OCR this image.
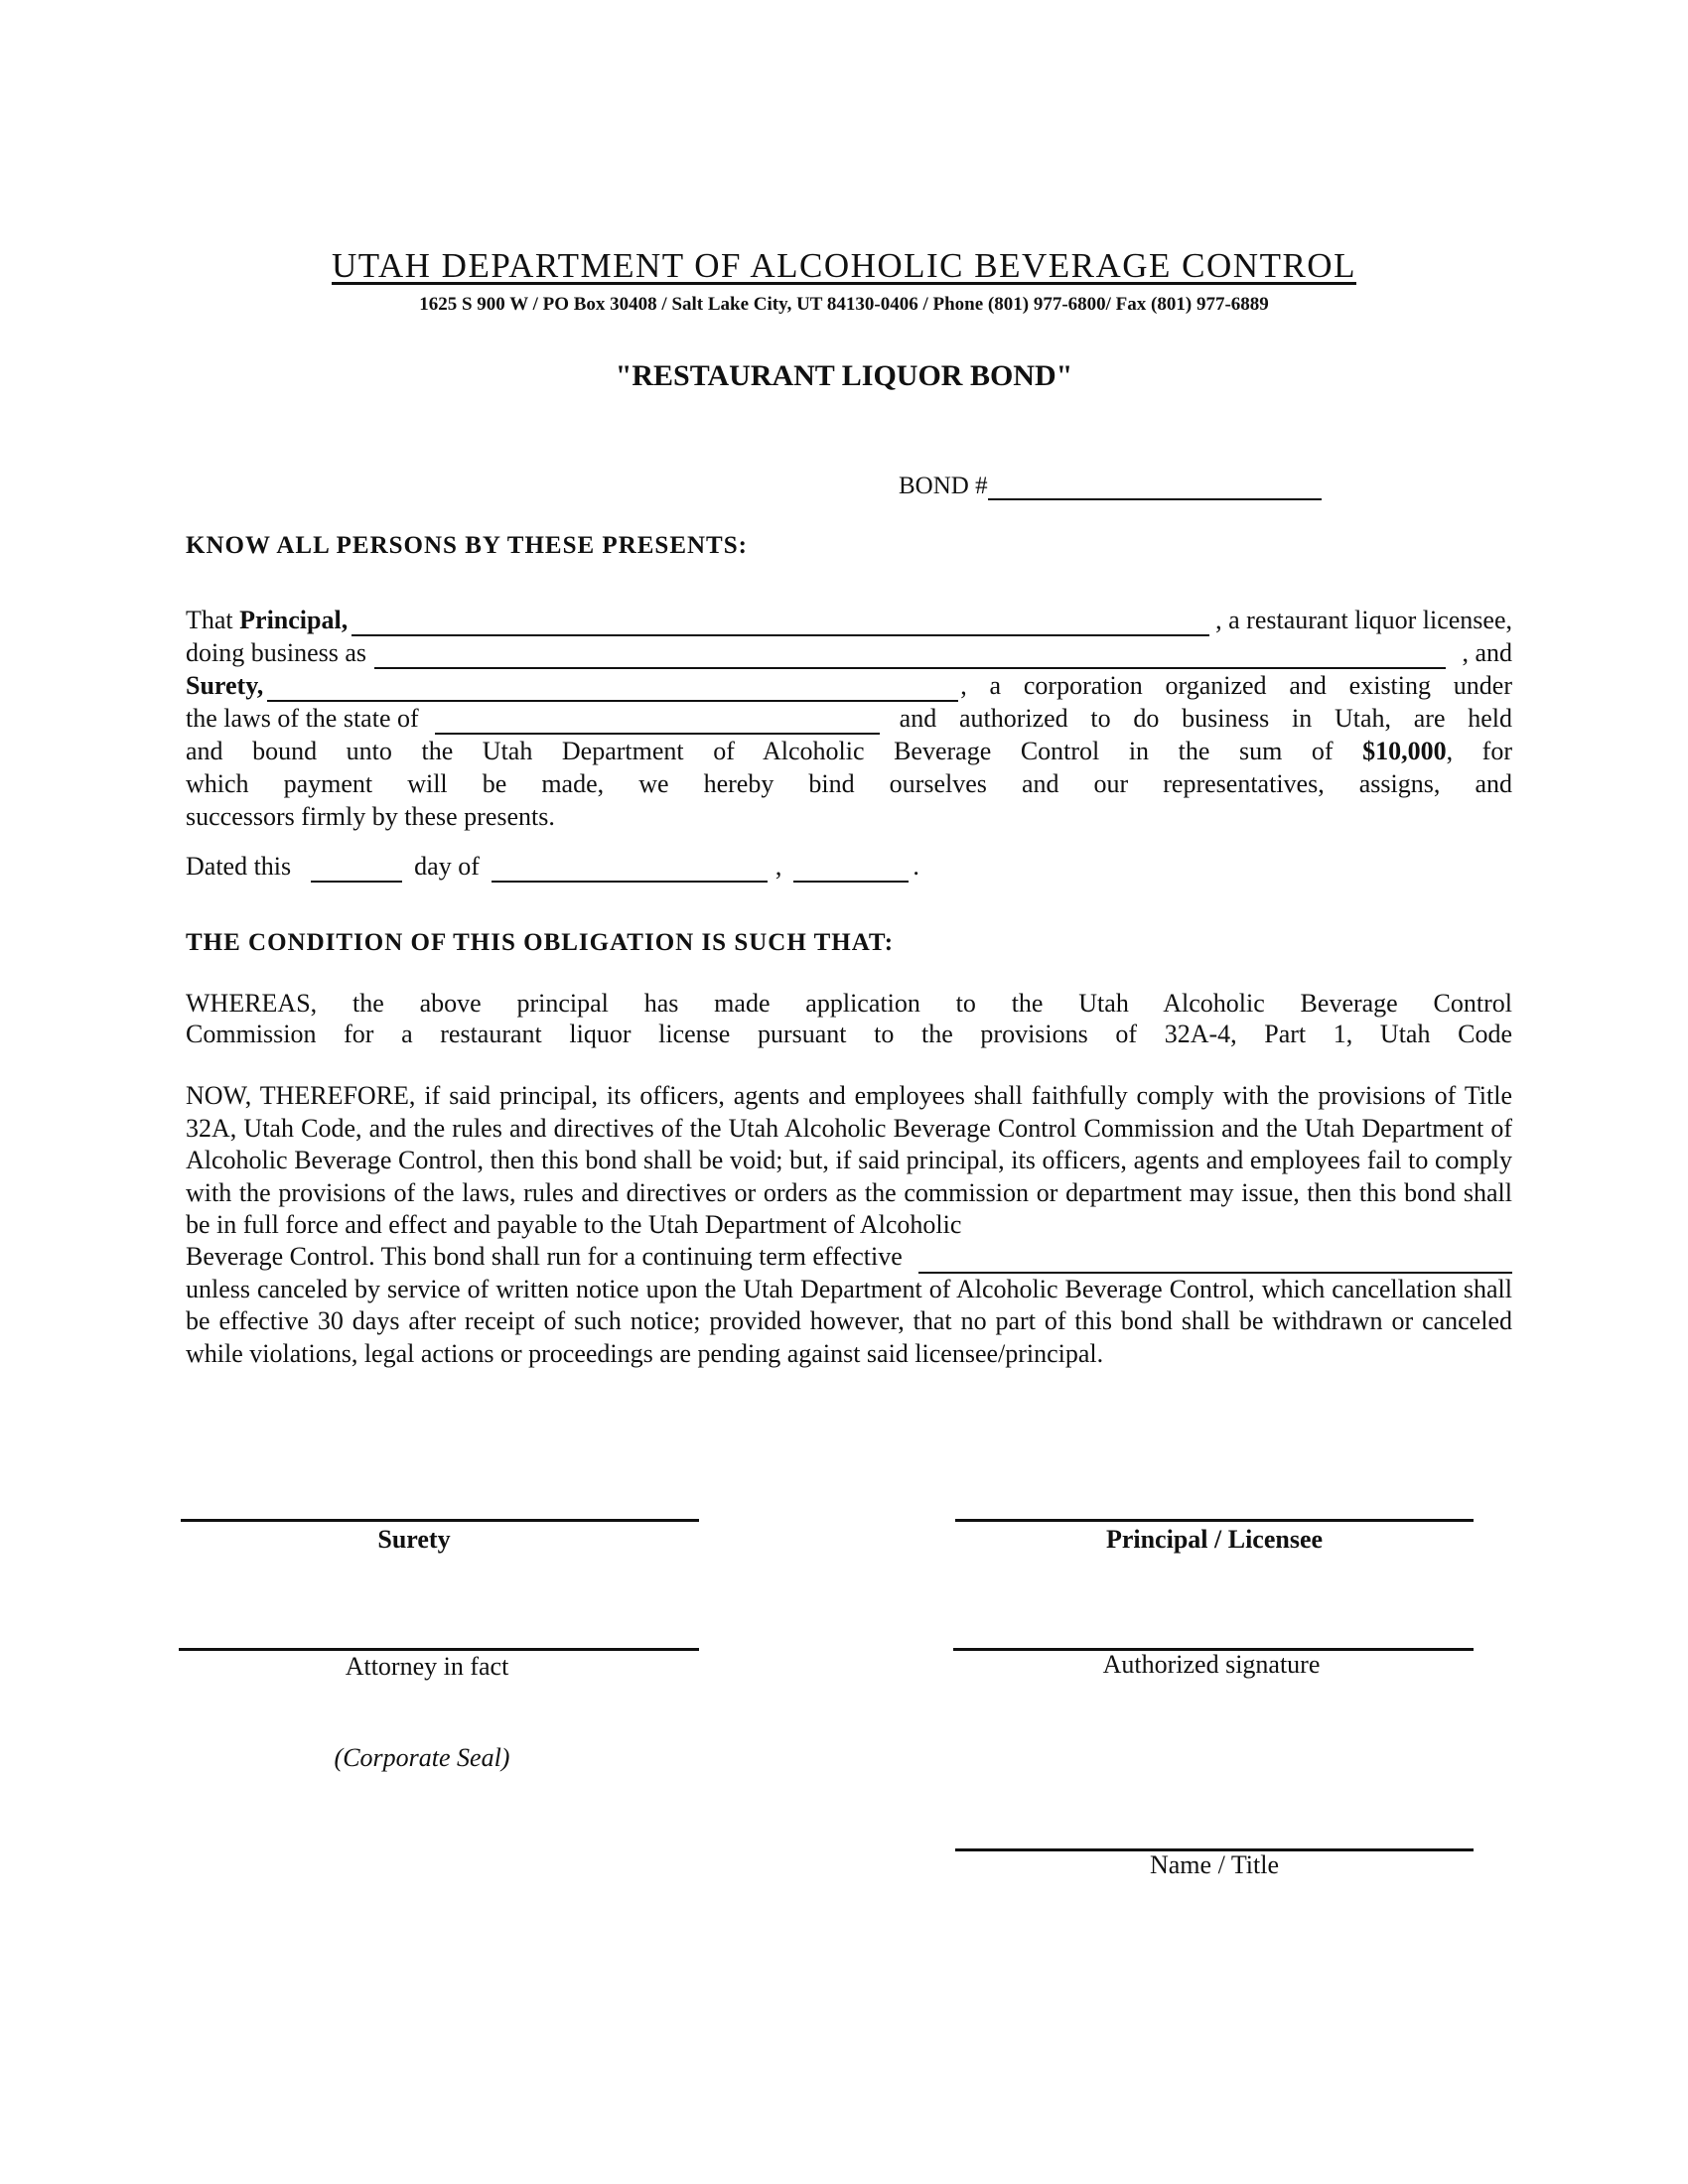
UTAH DEPARTMENT OF ALCOHOLIC BEVERAGE CONTROL
1625 S 900 W / PO Box 30408 / Salt Lake City, UT 84130-0406 / Phone (801) 977-6800/ Fax (801) 977-6889
"RESTAURANT LIQUOR BOND"
BOND #
KNOW ALL PERSONS BY THESE PRESENTS:
That
Principal,	, a restaurant liquor licensee,
doing business as	, and
Surety,	, a corporation organized and existing under
the laws of the state of	and authorized to do business in Utah, are held
and bound unto the Utah Department of Alcoholic Beverage Control in the sum of $10,000, for
which payment will be made, we hereby bind ourselves and our representatives, assigns, and
successors firmly by these presents.
Dated this	day of	,	.
THE CONDITION OF THIS OBLIGATION IS SUCH THAT:
WHEREAS, the above principal has made application to the Utah Alcoholic Beverage Control
Commission for a restaurant liquor license pursuant to the provisions of 32A-4, Part 1, Utah Code
NOW, THEREFORE, if said principal, its officers, agents and employees shall faithfully comply with the provisions of Title 32A, Utah Code, and the rules and directives of the Utah Alcoholic Beverage Control Commission and the Utah Department of Alcoholic Beverage Control, then this bond shall be void; but, if said principal, its officers, agents and employees fail to comply with the provisions of the laws, rules and directives or orders as the commission or department may issue, then this bond shall be in full force and effect and payable to the Utah Department of Alcoholic
Beverage Control. This bond shall run for a continuing term effective
unless canceled by service of written notice upon the Utah Department of Alcoholic Beverage Control, which cancellation shall be effective 30 days after receipt of such notice; provided however, that no part of this bond shall be withdrawn or canceled while violations, legal actions or proceedings are pending against said licensee/principal.
Surety	Principal / Licensee
Attorney in fact	Authorized signature
(Corporate Seal)
Name / Title
